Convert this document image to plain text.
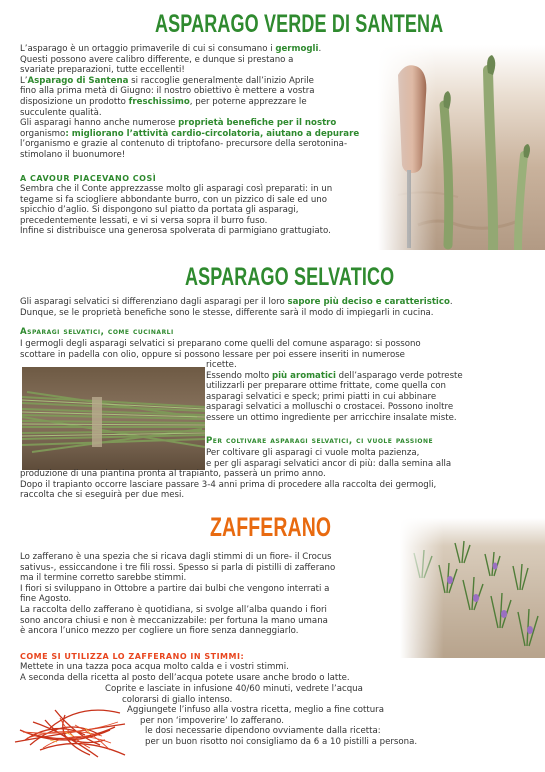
ASPARAGO VERDE DI SANTENA
L’asparago è un ortaggio primaverile di cui si consumano i germogli.
Questi possono avere calibro differente, e dunque si prestano a
svariate preparazioni, tutte eccellenti!
L’Asparago di Santena si raccoglie generalmente dall’inizio Aprile
fino alla prima metà di Giugno: il nostro obiettivo è mettere a vostra
disposizione un prodotto freschissimo, per poterne apprezzare le
succulente qualità.
Gli asparagi hanno anche numerose proprietà benefiche per il nostro
organismo: migliorano l’attività cardio-circolatoria, aiutano a depurare
l’organismo e grazie al contenuto di triptofano- precursore della serotonina-
stimolano il buonumore!
A CAVOUR PIACEVANO COSÌ
Sembra che il Conte apprezzasse molto gli asparagi così preparati: in un
tegame si fa sciogliere abbondante burro, con un pizzico di sale ed uno
spicchio d’aglio. Si dispongono sul piatto da portata gli asparagi,
precedentemente lessati, e vi si versa sopra il burro fuso.
Infine si distribuisce una generosa spolverata di parmigiano grattugiato.
ASPARAGO SELVATICO
Gli asparagi selvatici si differenziano dagli asparagi per il loro sapore più deciso e caratteristico.
Dunque, se le proprietà benefiche sono le stesse, differente sarà il modo di impiegarli in cucina.
Asparagi selvatici, come cucinarli
I germogli degli asparagi selvatici si preparano come quelli del comune asparago: si possono
scottare in padella con olio, oppure si possono lessare per poi essere inseriti in numerose
ricette.
Essendo molto più aromatici dell’asparago verde potreste
utilizzarli per preparare ottime frittate, come quella con
asparagi selvatici e speck; primi piatti in cui abbinare
asparagi selvatici a molluschi o crostacei. Possono inoltre
essere un ottimo ingrediente per arricchire insalate miste.
Per coltivare asparagi selvatici, ci vuole passione
Per coltivare gli asparagi ci vuole molta pazienza,
e per gli asparagi selvatici ancor di più: dalla semina alla
produzione di una piantina pronta al trapianto, passerà un primo anno.
Dopo il trapianto occorre lasciare passare 3-4 anni prima di procedere alla raccolta dei germogli,
raccolta che si eseguirà per due mesi.
ZAFFERANO
Lo zafferano è una spezia che si ricava dagli stimmi di un fiore- il Crocus
sativus-, essiccandone i tre fili rossi. Spesso si parla di pistilli di zafferano
ma il termine corretto sarebbe stimmi.
I fiori si sviluppano in Ottobre a partire dai bulbi che vengono interrati a
fine Agosto.
La raccolta dello zafferano è quotidiana, si svolge all’alba quando i fiori
sono ancora chiusi e non è meccanizzabile: per fortuna la mano umana
è ancora l’unico mezzo per cogliere un fiore senza danneggiarlo.
COME SI UTILIZZA LO ZAFFERANO IN STIMMI:
Mettete in una tazza poca acqua molto calda e i vostri stimmi.
A seconda della ricetta al posto dell’acqua potete usare anche brodo o latte.
Coprite e lasciate in infusione 40/60 minuti, vedrete l’acqua
colorarsi di giallo intenso.
Aggiungete l’infuso alla vostra ricetta, meglio a fine cottura
per non ‘impoverire’ lo zafferano.
le dosi necessarie dipendono ovviamente dalla ricetta:
per un buon risotto noi consigliamo da 6 a 10 pistilli a persona.
